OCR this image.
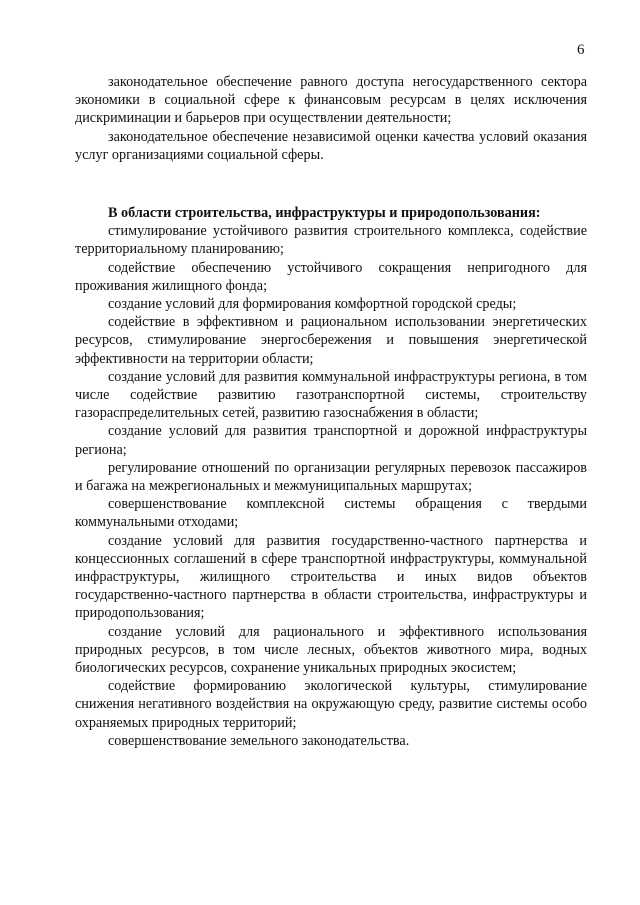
6

законодательное обеспечение равного доступа негосударственного сектора экономики в социальной сфере к финансовым ресурсам в целях исключения дискриминации и барьеров при осуществлении деятельности;

законодательное обеспечение независимой оценки качества условий оказания услуг организациями социальной сферы.

В области строительства, инфраструктуры и природопользования:

стимулирование устойчивого развития строительного комплекса, содействие территориальному планированию;

содействие обеспечению устойчивого сокращения непригодного для проживания жилищного фонда;

создание условий для формирования комфортной городской среды;

содействие в эффективном и рациональном использовании энергетических ресурсов, стимулирование энергосбережения и повышения энергетической эффективности на территории области;

создание условий для развития коммунальной инфраструктуры региона, в том числе содействие развитию газотранспортной системы, строительству газораспределительных сетей, развитию газоснабжения в области;

создание условий для развития транспортной и дорожной инфраструктуры региона;

регулирование отношений по организации регулярных перевозок пассажиров и багажа на межрегиональных и межмуниципальных маршрутах;

совершенствование комплексной системы обращения с твердыми коммунальными отходами;

создание условий для развития государственно-частного партнерства и концессионных соглашений в сфере транспортной инфраструктуры, коммунальной инфраструктуры, жилищного строительства и иных видов объектов государственно-частного партнерства в области строительства, инфраструктуры и природопользования;

создание условий для рационального и эффективного использования природных ресурсов, в том числе лесных, объектов животного мира, водных биологических ресурсов, сохранение уникальных природных экосистем;

содействие формированию экологической культуры, стимулирование снижения негативного воздействия на окружающую среду, развитие системы особо охраняемых природных территорий;

совершенствование земельного законодательства.
